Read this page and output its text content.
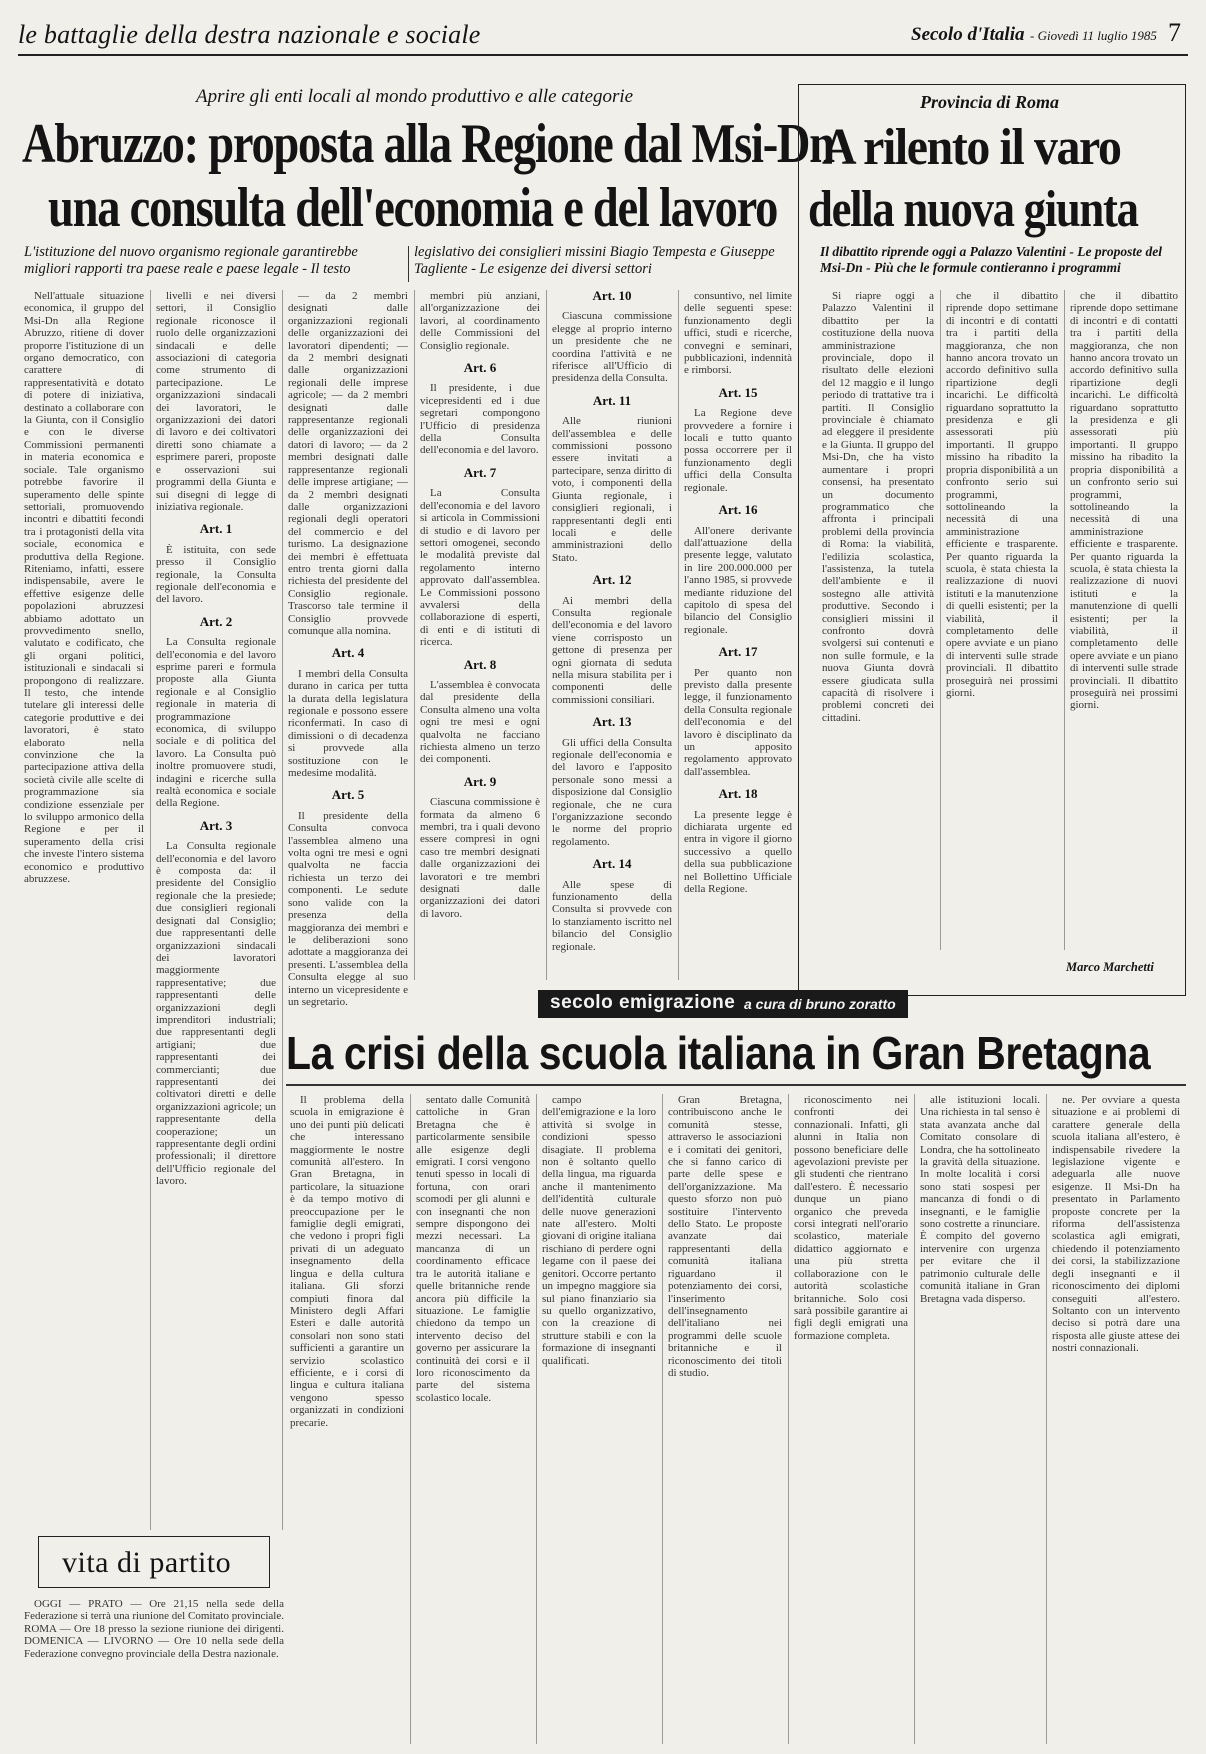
le battaglie della destra nazionale e sociale	Secolo d'Italia - Giovedì 11 luglio 1985 7
Aprire gli enti locali al mondo produttivo e alle categorie
Abruzzo: proposta alla Regione dal Msi-Dn
una consulta dell'economia e del lavoro
L'istituzione del nuovo organismo regionale garantirebbe migliori rapporti tra paese reale e paese legale - Il testo
legislativo dei consiglieri missini Biagio Tempesta e Giuseppe Tagliente - Le esigenze dei diversi settori

Nell'attuale situazione economica, il gruppo del Msi-Dn alla Regione Abruzzo, ritiene di dover proporre l'istituzione di un organo democratico, con carattere di rappresentatività e dotato di potere di iniziativa, destinato a collaborare con la Giunta, con il Consiglio e con le diverse Commissioni permanenti in materia economica e sociale. Tale organismo potrebbe favorire il superamento delle spinte settoriali, promuovendo incontri e dibattiti fecondi tra i protagonisti della vita sociale, economica e produttiva della Regione. Riteniamo, infatti, essere indispensabile, avere le effettive esigenze delle popolazioni abruzzesi abbiamo adottato un provvedimento snello, valutato e codificato, che gli organi politici, istituzionali e sindacali si propongono di realizzare. Il testo, che intende tutelare gli interessi delle categorie produttive e dei lavoratori, è stato elaborato nella convinzione che la partecipazione attiva della società civile alle scelte di programmazione sia condizione essenziale per lo sviluppo armonico della Regione e per il superamento della crisi che investe l'intero sistema economico e produttivo abruzzese.

livelli e nei diversi settori, il Consiglio regionale riconosce il ruolo delle organizzazioni sindacali e delle associazioni di categoria come strumento di partecipazione. Le organizzazioni sindacali dei lavoratori, le organizzazioni dei datori di lavoro e dei coltivatori diretti sono chiamate a esprimere pareri, proposte e osservazioni sui programmi della Giunta e sui disegni di legge di iniziativa regionale.

Art. 1

È istituita, con sede presso il Consiglio regionale, la Consulta regionale dell'economia e del lavoro.

Art. 2

La Consulta regionale dell'economia e del lavoro esprime pareri e formula proposte alla Giunta regionale e al Consiglio regionale in materia di programmazione economica, di sviluppo sociale e di politica del lavoro. La Consulta può inoltre promuovere studi, indagini e ricerche sulla realtà economica e sociale della Regione.

Art. 3

La Consulta regionale dell'economia e del lavoro è composta da: il presidente del Consiglio regionale che la presiede; due consiglieri regionali designati dal Consiglio; due rappresentanti delle organizzazioni sindacali dei lavoratori maggiormente rappresentative; due rappresentanti delle organizzazioni degli imprenditori industriali; due rappresentanti degli artigiani; due rappresentanti dei commercianti; due rappresentanti dei coltivatori diretti e delle organizzazioni agricole; un rappresentante della cooperazione; un rappresentante degli ordini professionali; il direttore dell'Ufficio regionale del lavoro.

— da 2 membri designati dalle organizzazioni regionali delle organizzazioni dei lavoratori dipendenti; — da 2 membri designati dalle organizzazioni regionali delle imprese agricole; — da 2 membri designati dalle rappresentanze regionali delle organizzazioni dei datori di lavoro; — da 2 membri designati dalle rappresentanze regionali delle imprese artigiane; — da 2 membri designati dalle organizzazioni regionali degli operatori del commercio e del turismo. La designazione dei membri è effettuata entro trenta giorni dalla richiesta del presidente del Consiglio regionale. Trascorso tale termine il Consiglio provvede comunque alla nomina.

Art. 4

I membri della Consulta durano in carica per tutta la durata della legislatura regionale e possono essere riconfermati. In caso di dimissioni o di decadenza si provvede alla sostituzione con le medesime modalità.

Art. 5

Il presidente della Consulta convoca l'assemblea almeno una volta ogni tre mesi e ogni qualvolta ne faccia richiesta un terzo dei componenti. Le sedute sono valide con la presenza della maggioranza dei membri e le deliberazioni sono adottate a maggioranza dei presenti. L'assemblea della Consulta elegge al suo interno un vicepresidente e un segretario.

membri più anziani, all'organizzazione dei lavori, al coordinamento delle Commissioni del Consiglio regionale.

Art. 6

Il presidente, i due vicepresidenti ed i due segretari compongono l'Ufficio di presidenza della Consulta dell'economia e del lavoro.

Art. 7

La Consulta dell'economia e del lavoro si articola in Commissioni di studio e di lavoro per settori omogenei, secondo le modalità previste dal regolamento interno approvato dall'assemblea. Le Commissioni possono avvalersi della collaborazione di esperti, di enti e di istituti di ricerca.

Art. 8

L'assemblea è convocata dal presidente della Consulta almeno una volta ogni tre mesi e ogni qualvolta ne facciano richiesta almeno un terzo dei componenti.

Art. 9

Ciascuna commissione è formata da almeno 6 membri, tra i quali devono essere compresi in ogni caso tre membri designati dalle organizzazioni dei lavoratori e tre membri designati dalle organizzazioni dei datori di lavoro.

Art. 10

Ciascuna commissione elegge al proprio interno un presidente che ne coordina l'attività e ne riferisce all'Ufficio di presidenza della Consulta.

Art. 11

Alle riunioni dell'assemblea e delle commissioni possono essere invitati a partecipare, senza diritto di voto, i componenti della Giunta regionale, i consiglieri regionali, i rappresentanti degli enti locali e delle amministrazioni dello Stato.

Art. 12

Ai membri della Consulta regionale dell'economia e del lavoro viene corrisposto un gettone di presenza per ogni giornata di seduta nella misura stabilita per i componenti delle commissioni consiliari.

Art. 13

Gli uffici della Consulta regionale dell'economia e del lavoro e l'apposito personale sono messi a disposizione dal Consiglio regionale, che ne cura l'organizzazione secondo le norme del proprio regolamento.

Art. 14

Alle spese di funzionamento della Consulta si provvede con lo stanziamento iscritto nel bilancio del Consiglio regionale.

consuntivo, nel limite delle seguenti spese: funzionamento degli uffici, studi e ricerche, convegni e seminari, pubblicazioni, indennità e rimborsi.

Art. 15

La Regione deve provvedere a fornire i locali e tutto quanto possa occorrere per il funzionamento degli uffici della Consulta regionale.

Art. 16

All'onere derivante dall'attuazione della presente legge, valutato in lire 200.000.000 per l'anno 1985, si provvede mediante riduzione del capitolo di spesa del bilancio del Consiglio regionale.

Art. 17

Per quanto non previsto dalla presente legge, il funzionamento della Consulta regionale dell'economia e del lavoro è disciplinato da un apposito regolamento approvato dall'assemblea.

Art. 18

La presente legge è dichiarata urgente ed entra in vigore il giorno successivo a quello della sua pubblicazione nel Bollettino Ufficiale della Regione.

Provincia di Roma
A rilento il varo
della nuova giunta
Il dibattito riprende oggi a Palazzo Valentini - Le proposte del Msi-Dn - Più che le formule contieranno i programmi

Si riapre oggi a Palazzo Valentini il dibattito per la costituzione della nuova amministrazione provinciale, dopo il risultato delle elezioni del 12 maggio e il lungo periodo di trattative tra i partiti. Il Consiglio provinciale è chiamato ad eleggere il presidente e la Giunta. Il gruppo del Msi-Dn, che ha visto aumentare i propri consensi, ha presentato un documento programmatico che affronta i principali problemi della provincia di Roma: la viabilità, l'edilizia scolastica, l'assistenza, la tutela dell'ambiente e il sostegno alle attività produttive. Secondo i consiglieri missini il confronto dovrà svolgersi sui contenuti e non sulle formule, e la nuova Giunta dovrà essere giudicata sulla capacità di risolvere i problemi concreti dei cittadini.

che il dibattito riprende dopo settimane di incontri e di contatti tra i partiti della maggioranza, che non hanno ancora trovato un accordo definitivo sulla ripartizione degli incarichi. Le difficoltà riguardano soprattutto la presidenza e gli assessorati più importanti. Il gruppo missino ha ribadito la propria disponibilità a un confronto serio sui programmi, sottolineando la necessità di una amministrazione efficiente e trasparente. Per quanto riguarda la scuola, è stata chiesta la realizzazione di nuovi istituti e la manutenzione di quelli esistenti; per la viabilità, il completamento delle opere avviate e un piano di interventi sulle strade provinciali. Il dibattito proseguirà nei prossimi giorni.

che il dibattito riprende dopo settimane di incontri e di contatti tra i partiti della maggioranza, che non hanno ancora trovato un accordo definitivo sulla ripartizione degli incarichi. Le difficoltà riguardano soprattutto la presidenza e gli assessorati più importanti. Il gruppo missino ha ribadito la propria disponibilità a un confronto serio sui programmi, sottolineando la necessità di una amministrazione efficiente e trasparente. Per quanto riguarda la scuola, è stata chiesta la realizzazione di nuovi istituti e la manutenzione di quelli esistenti; per la viabilità, il completamento delle opere avviate e un piano di interventi sulle strade provinciali. Il dibattito proseguirà nei prossimi giorni.

Marco Marchetti
secolo emigrazione a cura di bruno zoratto
La crisi della scuola italiana in Gran Bretagna

Il problema della scuola in emigrazione è uno dei punti più delicati che interessano maggiormente le nostre comunità all'estero. In Gran Bretagna, in particolare, la situazione è da tempo motivo di preoccupazione per le famiglie degli emigrati, che vedono i propri figli privati di un adeguato insegnamento della lingua e della cultura italiana. Gli sforzi compiuti finora dal Ministero degli Affari Esteri e dalle autorità consolari non sono stati sufficienti a garantire un servizio scolastico efficiente, e i corsi di lingua e cultura italiana vengono spesso organizzati in condizioni precarie.

sentato dalle Comunità cattoliche in Gran Bretagna che è particolarmente sensibile alle esigenze degli emigrati. I corsi vengono tenuti spesso in locali di fortuna, con orari scomodi per gli alunni e con insegnanti che non sempre dispongono dei mezzi necessari. La mancanza di un coordinamento efficace tra le autorità italiane e quelle britanniche rende ancora più difficile la situazione. Le famiglie chiedono da tempo un intervento deciso del governo per assicurare la continuità dei corsi e il loro riconoscimento da parte del sistema scolastico locale.

campo dell'emigrazione e la loro attività si svolge in condizioni spesso disagiate. Il problema non è soltanto quello della lingua, ma riguarda anche il mantenimento dell'identità culturale delle nuove generazioni nate all'estero. Molti giovani di origine italiana rischiano di perdere ogni legame con il paese dei genitori. Occorre pertanto un impegno maggiore sia sul piano finanziario sia su quello organizzativo, con la creazione di strutture stabili e con la formazione di insegnanti qualificati.

Gran Bretagna, contribuiscono anche le comunità stesse, attraverso le associazioni e i comitati dei genitori, che si fanno carico di parte delle spese e dell'organizzazione. Ma questo sforzo non può sostituire l'intervento dello Stato. Le proposte avanzate dai rappresentanti della comunità italiana riguardano il potenziamento dei corsi, l'inserimento dell'insegnamento dell'italiano nei programmi delle scuole britanniche e il riconoscimento dei titoli di studio.

riconoscimento nei confronti dei connazionali. Infatti, gli alunni in Italia non possono beneficiare delle agevolazioni previste per gli studenti che rientrano dall'estero. È necessario dunque un piano organico che preveda corsi integrati nell'orario scolastico, materiale didattico aggiornato e una più stretta collaborazione con le autorità scolastiche britanniche. Solo così sarà possibile garantire ai figli degli emigrati una formazione completa.

alle istituzioni locali. Una richiesta in tal senso è stata avanzata anche dal Comitato consolare di Londra, che ha sottolineato la gravità della situazione. In molte località i corsi sono stati sospesi per mancanza di fondi o di insegnanti, e le famiglie sono costrette a rinunciare. È compito del governo intervenire con urgenza per evitare che il patrimonio culturale delle comunità italiane in Gran Bretagna vada disperso.

ne. Per ovviare a questa situazione e ai problemi di carattere generale della scuola italiana all'estero, è indispensabile rivedere la legislazione vigente e adeguarla alle nuove esigenze. Il Msi-Dn ha presentato in Parlamento proposte concrete per la riforma dell'assistenza scolastica agli emigrati, chiedendo il potenziamento dei corsi, la stabilizzazione degli insegnanti e il riconoscimento dei diplomi conseguiti all'estero. Soltanto con un intervento deciso si potrà dare una risposta alle giuste attese dei nostri connazionali.

vita di partito

OGGI — PRATO — Ore 21,15 nella sede della Federazione si terrà una riunione del Comitato provinciale. ROMA — Ore 18 presso la sezione riunione dei dirigenti. DOMENICA — LIVORNO — Ore 10 nella sede della Federazione convegno provinciale della Destra nazionale.
